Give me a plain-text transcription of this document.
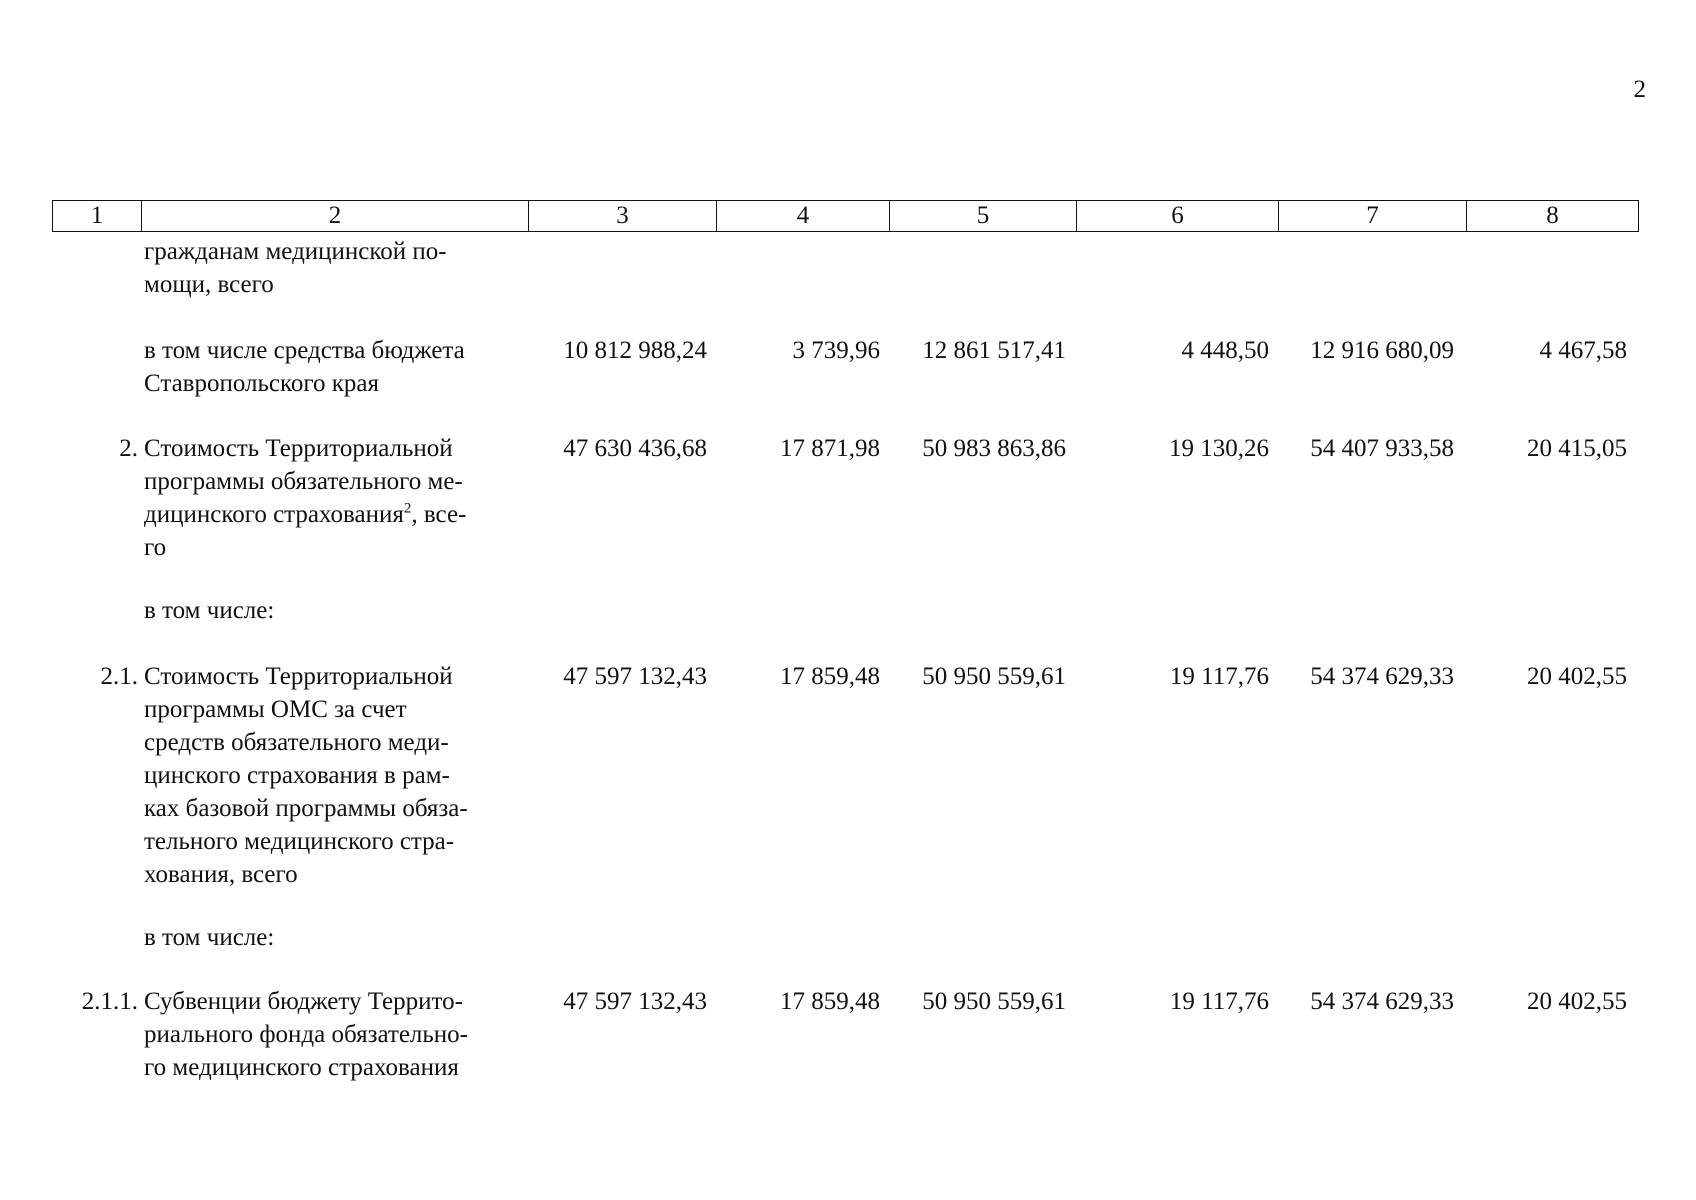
2
1	2	3	4	5	6	7	8
гражданам медицинской по-
мощи, всего
в том числе средства бюджета
Ставропольского края
10 812 988,24	3 739,96	12 861 517,41	4 448,50	12 916 680,09	4 467,58
2. Стоимость Территориальной
программы обязательного ме-
дицинского страхования$^2$, все-
го
47 630 436,68	17 871,98	50 983 863,86	19 130,26	54 407 933,58	20 415,05
в том числе:
2.1. Стоимость Территориальной
программы ОМС за счет
средств обязательного меди-
цинского страхования в рам-
ках базовой программы обяза-
тельного медицинского стра-
хования, всего
47 597 132,43	17 859,48	50 950 559,61	19 117,76	54 374 629,33	20 402,55
в том числе:
2.1.1. Субвенции бюджету Террито-
риального фонда обязательно-
го медицинского страхования
47 597 132,43	17 859,48	50 950 559,61	19 117,76	54 374 629,33	20 402,55
